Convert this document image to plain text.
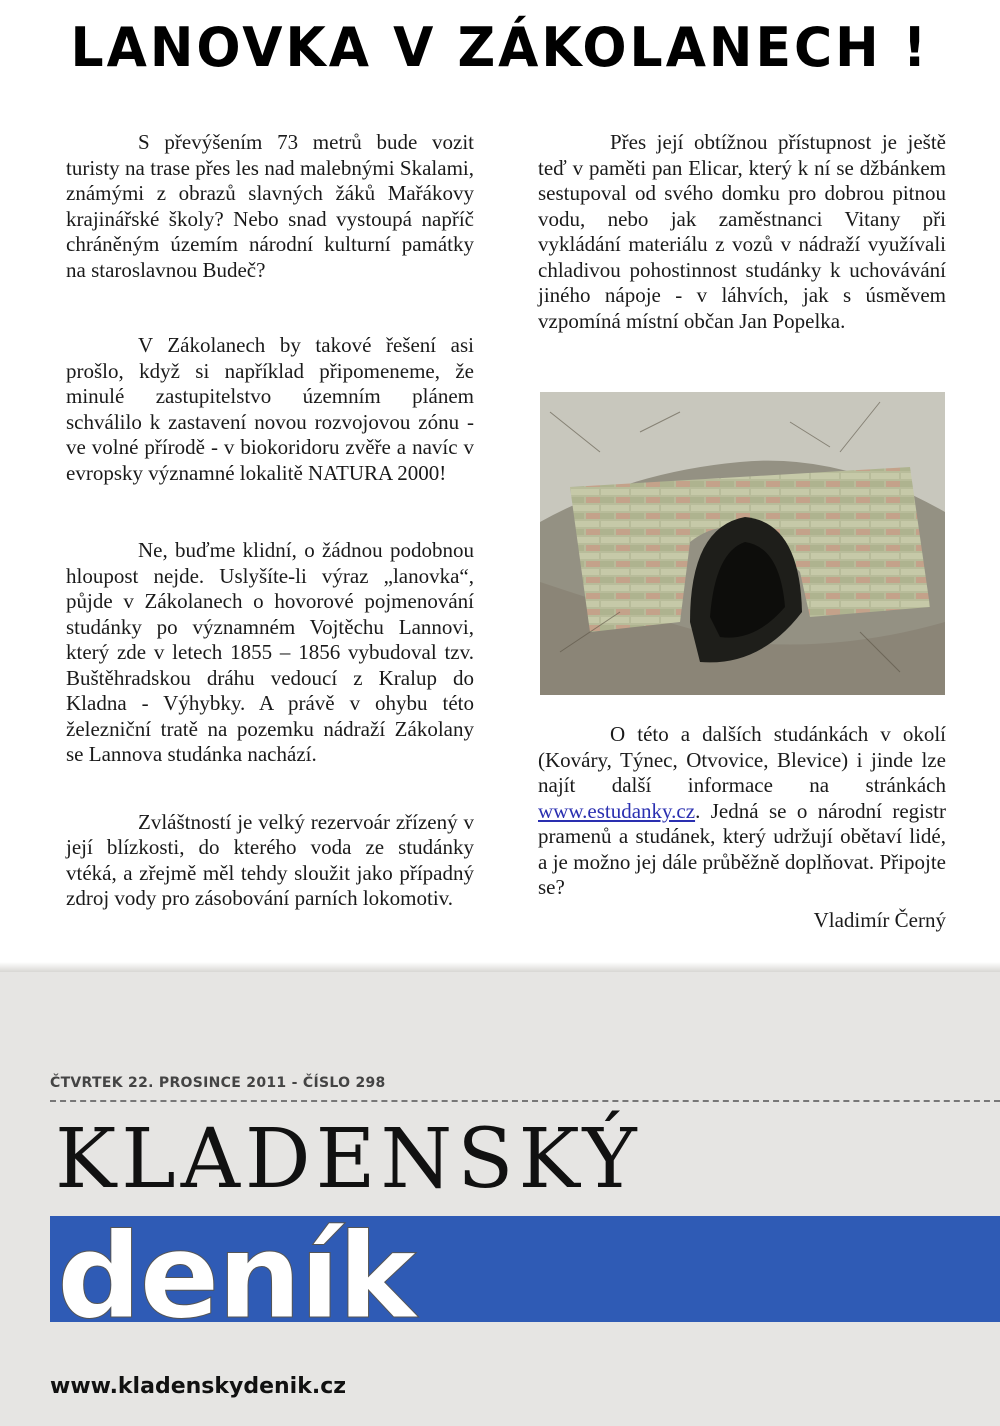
LANOVKA V ZÁKOLANECH !

S převýšením 73 metrů bude vozit turisty na trase přes les nad malebnými Skalami, známými z obrazů slavných žáků Mařákovy krajinářské školy? Nebo snad vystoupá napříč chráněným územím národní kulturní památky na staroslavnou Budeč?

V Zákolanech by takové řešení asi prošlo, když si například připomeneme, že minulé zastupitelstvo územním plánem schválilo k zastavení novou rozvojovou zónu - ve volné přírodě - v biokoridoru zvěře a navíc v evropsky významné lokalitě NATURA 2000!

Ne, buďme klidní, o žádnou podobnou hloupost nejde. Uslyšíte-li výraz „lanovka“, půjde v Zákolanech o hovorové pojmenování studánky po významném Vojtěchu Lannovi, který zde v letech 1855 – 1856 vybudoval tzv. Buštěhradskou dráhu vedoucí z Kralup do Kladna - Výhybky. A právě v ohybu této železniční tratě na pozemku nádraží Zákolany se Lannova studánka nachází.

Zvláštností je velký rezervoár zřízený v její blízkosti, do kterého voda ze studánky vtéká, a zřejmě měl tehdy sloužit jako případný zdroj vody pro zásobování parních lokomotiv.

Přes její obtížnou přístupnost je ještě teď v paměti pan Elicar, který k ní se džbánkem sestupoval od svého domku pro dobrou pitnou vodu, nebo jak zaměstnanci Vitany při vykládání materiálu z vozů v nádraží využívali chladivou pohostinnost studánky k uchovávání jiného nápoje - v láhvích, jak s úsměvem vzpomíná místní občan Jan Popelka.

O této a dalších studánkách v okolí (Kováry, Týnec, Otvovice, Blevice) i jinde lze najít další informace na stránkách www.estudanky.cz. Jedná se o národní registr pramenů a studánek, který udržují obětaví lidé, a je možno jej dále průběžně doplňovat. Připojte se?

Vladimír Černý
ČTVRTEK 22. PROSINCE 2011 - ČÍSLO 298
KLADENSKÝ
deník
www.kladenskydenik.cz
